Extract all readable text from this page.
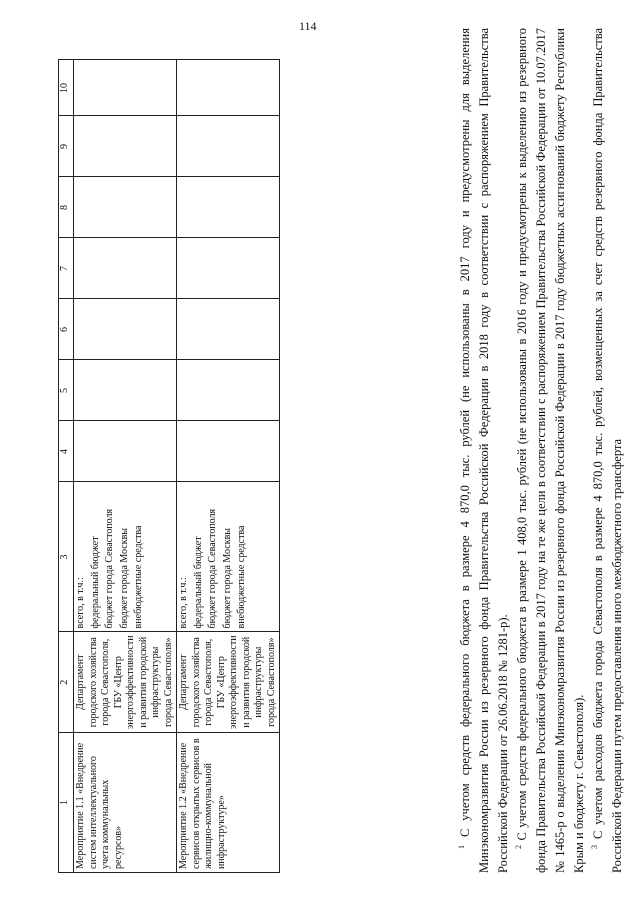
114
1	2	3	4	5	6	7	8	9	10
Мероприятие 1.1 «Внедрение систем интеллектуального учета коммунальных ресурсов»	Департамент городского хозяйства города Севастополя, ГБУ «Центр энергоэффективности и развития городской инфраструктуры города Севастополя»	всего, в т.ч.: федеральный бюджет бюджет города Севастополя бюджет города Москвы внебюджетные средства							

Мероприятие 1.2 «Внедрение сервисов открытых сервисов в жилищно-коммунальной инфраструктуре»	Департамент городского хозяйства города Севастополя, ГБУ «Центр энергоэффективности и развития городской инфраструктуры города Севастополя»	всего, в т.ч.: федеральный бюджет бюджет города Севастополя бюджет города Москвы внебюджетные средства							

$^1$ С учетом средств федерального бюджета в размере 4 870,0 тыс. рублей (не использованы в 2017 году и предусмотрены для выделения Минэкономразвития России из резервного фонда Правительства Российской Федерации в 2018 году в соответствии с распоряжением Правительства Российской Федерации от 26.06.2018 № 1281-р). $^2$ С учетом средств федерального бюджета в размере 1 408,0 тыс. рублей (не использованы в 2016 году и предусмотрены к выделению из резервного фонда Правительства Российской Федерации в 2017 году на те же цели в соответствии с распоряжением Правительства Российской Федерации от 10.07.2017 № 1465-р о выделении Минэкономразвития России из резервного фонда Российской Федерации в 2017 году бюджетных ассигнований бюджету Республики Крым и бюджету г. Севастополя). $^3$ С учетом расходов бюджета города Севастополя в размере 4 870,0 тыс. рублей, возмещенных за счет средств резервного фонда Правительства Российской Федерации путем предоставления иного межбюджетного трансферта
